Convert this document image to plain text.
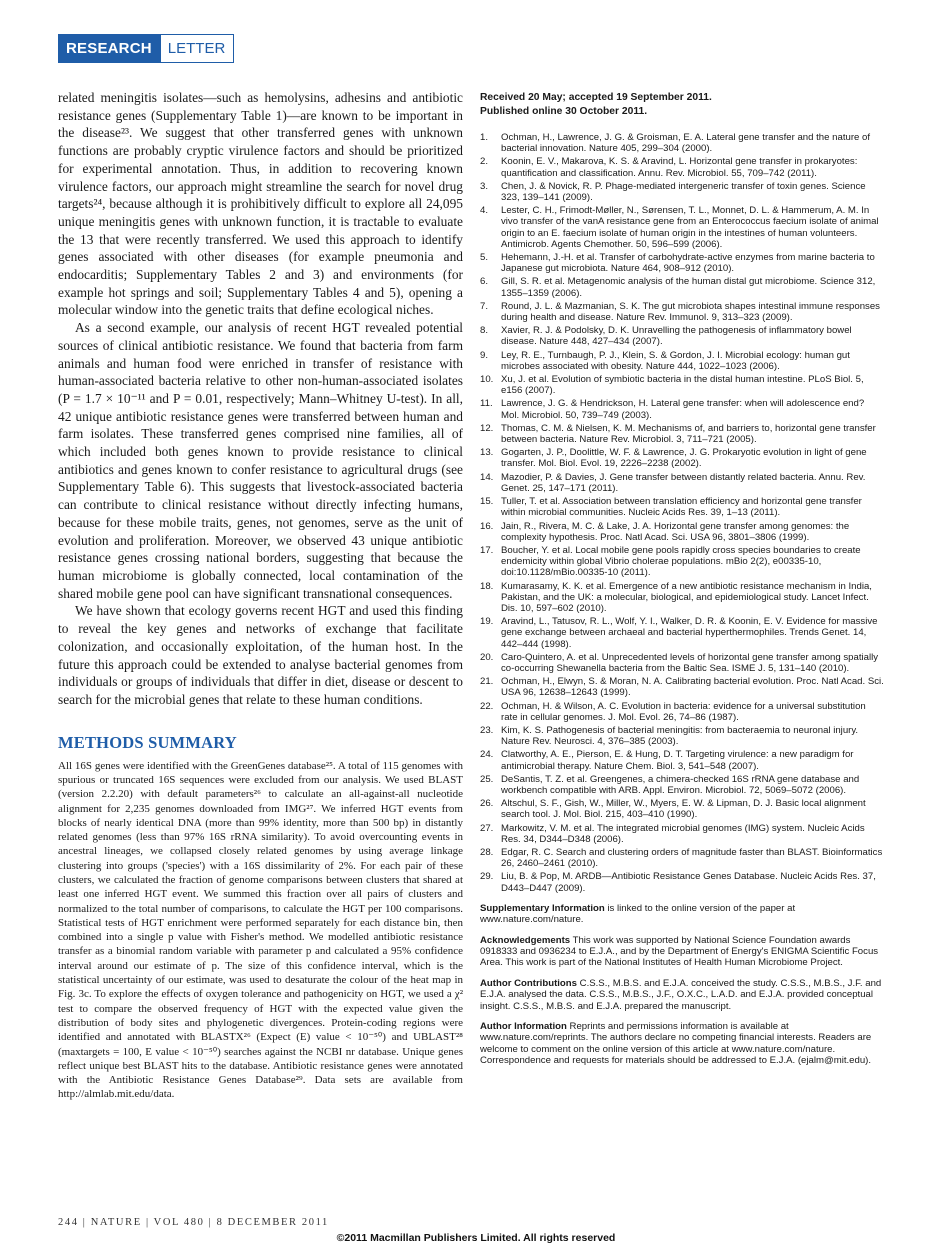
RESEARCH	LETTER

related meningitis isolates—such as hemolysins, adhesins and antibiotic resistance genes (Supplementary Table 1)—are known to be important in the disease²³. We suggest that other transferred genes with unknown functions are probably cryptic virulence factors and should be prioritized for experimental annotation. Thus, in addition to recovering known virulence factors, our approach might streamline the search for novel drug targets²⁴, because although it is prohibitively difficult to explore all 24,095 unique meningitis genes with unknown function, it is tractable to evaluate the 13 that were recently transferred. We used this approach to identify genes associated with other diseases (for example pneumonia and endocarditis; Supplementary Tables 2 and 3) and environments (for example hot springs and soil; Supplementary Tables 4 and 5), opening a molecular window into the genetic traits that define ecological niches.

As a second example, our analysis of recent HGT revealed potential sources of clinical antibiotic resistance. We found that bacteria from farm animals and human food were enriched in transfer of resistance with human-associated bacteria relative to other non-human-associated isolates (P = 1.7 × 10⁻¹¹ and P = 0.01, respectively; Mann–Whitney U-test). In all, 42 unique antibiotic resistance genes were transferred between human and farm isolates. These transferred genes comprised nine families, all of which included both genes known to provide resistance to clinical antibiotics and genes known to confer resistance to agricultural drugs (see Supplementary Table 6). This suggests that livestock-associated bacteria can contribute to clinical resistance without directly infecting humans, because for these mobile traits, genes, not genomes, serve as the unit of evolution and proliferation. Moreover, we observed 43 unique antibiotic resistance genes crossing national borders, suggesting that because the human microbiome is globally connected, local contamination of the shared mobile gene pool can have significant transnational consequences.

We have shown that ecology governs recent HGT and used this finding to reveal the key genes and networks of exchange that facilitate colonization, and occasionally exploitation, of the human host. In the future this approach could be extended to analyse bacterial genomes from individuals or groups of individuals that differ in diet, disease or descent to search for the microbial genes that relate to these human conditions.

METHODS SUMMARY

All 16S genes were identified with the GreenGenes database²⁵. A total of 115 genomes with spurious or truncated 16S sequences were excluded from our analysis. We used BLAST (version 2.2.20) with default parameters²⁶ to calculate an all-against-all nucleotide alignment for 2,235 genomes downloaded from IMG²⁷. We inferred HGT events from blocks of nearly identical DNA (more than 99% identity, more than 500 bp) in distantly related genomes (less than 97% 16S rRNA similarity). To avoid overcounting events in ancestral lineages, we collapsed closely related genomes by using average linkage clustering into groups ('species') with a 16S dissimilarity of 2%. For each pair of these clusters, we calculated the fraction of genome comparisons between clusters that shared at least one inferred HGT event. We summed this fraction over all pairs of clusters and normalized to the total number of comparisons, to calculate the HGT per 100 comparisons. Statistical tests of HGT enrichment were performed separately for each distance bin, then combined into a single p value with Fisher's method. We modelled antibiotic resistance transfer as a binomial random variable with parameter p and calculated a 95% confidence interval around our estimate of p. The size of this confidence interval, which is the statistical uncertainty of our estimate, was used to desaturate the colour of the heat map in Fig. 3c. To explore the effects of oxygen tolerance and pathogenicity on HGT, we used a χ² test to compare the observed frequency of HGT with the expected value given the distribution of body sites and phylogenetic divergences. Protein-coding regions were identified and annotated with BLASTX²⁶ (Expect (E) value < 10⁻⁵⁰) and UBLAST²⁸ (maxtargets = 100, E value < 10⁻⁵⁰) searches against the NCBI nr database. Unique genes reflect unique best BLAST hits to the database. Antibiotic resistance genes were annotated with the Antibiotic Resistance Genes Database²⁹. Data sets are available from http://almlab.mit.edu/data.

Received 20 May; accepted 19 September 2011.

Published online 30 October 2011.

1.	Ochman, H., Lawrence, J. G. & Groisman, E. A. Lateral gene transfer and the nature of bacterial innovation. Nature 405, 299–304 (2000).
2.	Koonin, E. V., Makarova, K. S. & Aravind, L. Horizontal gene transfer in prokaryotes: quantification and classification. Annu. Rev. Microbiol. 55, 709–742 (2011).
3.	Chen, J. & Novick, R. P. Phage-mediated intergeneric transfer of toxin genes. Science 323, 139–141 (2009).
4.	Lester, C. H., Frimodt-Møller, N., Sørensen, T. L., Monnet, D. L. & Hammerum, A. M. In vivo transfer of the vanA resistance gene from an Enterococcus faecium isolate of animal origin to an E. faecium isolate of human origin in the intestines of human volunteers. Antimicrob. Agents Chemother. 50, 596–599 (2006).
5.	Hehemann, J.-H. et al. Transfer of carbohydrate-active enzymes from marine bacteria to Japanese gut microbiota. Nature 464, 908–912 (2010).
6.	Gill, S. R. et al. Metagenomic analysis of the human distal gut microbiome. Science 312, 1355–1359 (2006).
7.	Round, J. L. & Mazmanian, S. K. The gut microbiota shapes intestinal immune responses during health and disease. Nature Rev. Immunol. 9, 313–323 (2009).
8.	Xavier, R. J. & Podolsky, D. K. Unravelling the pathogenesis of inflammatory bowel disease. Nature 448, 427–434 (2007).
9.	Ley, R. E., Turnbaugh, P. J., Klein, S. & Gordon, J. I. Microbial ecology: human gut microbes associated with obesity. Nature 444, 1022–1023 (2006).
10. Xu, J. et al. Evolution of symbiotic bacteria in the distal human intestine. PLoS Biol. 5, e156 (2007).
11. Lawrence, J. G. & Hendrickson, H. Lateral gene transfer: when will adolescence end? Mol. Microbiol. 50, 739–749 (2003).
12. Thomas, C. M. & Nielsen, K. M. Mechanisms of, and barriers to, horizontal gene transfer between bacteria. Nature Rev. Microbiol. 3, 711–721 (2005).
13. Gogarten, J. P., Doolittle, W. F. & Lawrence, J. G. Prokaryotic evolution in light of gene transfer. Mol. Biol. Evol. 19, 2226–2238 (2002).
14. Mazodier, P. & Davies, J. Gene transfer between distantly related bacteria. Annu. Rev. Genet. 25, 147–171 (2011).
15. Tuller, T. et al. Association between translation efficiency and horizontal gene transfer within microbial communities. Nucleic Acids Res. 39, 1–13 (2011).
16. Jain, R., Rivera, M. C. & Lake, J. A. Horizontal gene transfer among genomes: the complexity hypothesis. Proc. Natl Acad. Sci. USA 96, 3801–3806 (1999).
17. Boucher, Y. et al. Local mobile gene pools rapidly cross species boundaries to create endemicity within global Vibrio cholerae populations. mBio 2(2), e00335-10, doi:10.1128/mBio.00335-10 (2011).
18. Kumarasamy, K. K. et al. Emergence of a new antibiotic resistance mechanism in India, Pakistan, and the UK: a molecular, biological, and epidemiological study. Lancet Infect. Dis. 10, 597–602 (2010).
19. Aravind, L., Tatusov, R. L., Wolf, Y. I., Walker, D. R. & Koonin, E. V. Evidence for massive gene exchange between archaeal and bacterial hyperthermophiles. Trends Genet. 14, 442–444 (1998).
20. Caro-Quintero, A. et al. Unprecedented levels of horizontal gene transfer among spatially co-occurring Shewanella bacteria from the Baltic Sea. ISME J. 5, 131–140 (2010).
21. Ochman, H., Elwyn, S. & Moran, N. A. Calibrating bacterial evolution. Proc. Natl Acad. Sci. USA 96, 12638–12643 (1999).
22. Ochman, H. & Wilson, A. C. Evolution in bacteria: evidence for a universal substitution rate in cellular genomes. J. Mol. Evol. 26, 74–86 (1987).
23. Kim, K. S. Pathogenesis of bacterial meningitis: from bacteraemia to neuronal injury. Nature Rev. Neurosci. 4, 376–385 (2003).
24. Clatworthy, A. E., Pierson, E. & Hung, D. T. Targeting virulence: a new paradigm for antimicrobial therapy. Nature Chem. Biol. 3, 541–548 (2007).
25. DeSantis, T. Z. et al. Greengenes, a chimera-checked 16S rRNA gene database and workbench compatible with ARB. Appl. Environ. Microbiol. 72, 5069–5072 (2006).
26. Altschul, S. F., Gish, W., Miller, W., Myers, E. W. & Lipman, D. J. Basic local alignment search tool. J. Mol. Biol. 215, 403–410 (1990).
27. Markowitz, V. M. et al. The integrated microbial genomes (IMG) system. Nucleic Acids Res. 34, D344–D348 (2006).
28. Edgar, R. C. Search and clustering orders of magnitude faster than BLAST. Bioinformatics 26, 2460–2461 (2010).
29. Liu, B. & Pop, M. ARDB—Antibiotic Resistance Genes Database. Nucleic Acids Res. 37, D443–D447 (2009).

Supplementary Information is linked to the online version of the paper at www.nature.com/nature.

Acknowledgements This work was supported by National Science Foundation awards 0918333 and 0936234 to E.J.A., and by the Department of Energy's ENIGMA Scientific Focus Area. This work is part of the National Institutes of Health Human Microbiome Project.

Author Contributions C.S.S., M.B.S. and E.J.A. conceived the study. C.S.S., M.B.S., J.F. and E.J.A. analysed the data. C.S.S., M.B.S., J.F., O.X.C., L.A.D. and E.J.A. provided conceptual insight. C.S.S., M.B.S. and E.J.A. prepared the manuscript.

Author Information Reprints and permissions information is available at www.nature.com/reprints. The authors declare no competing financial interests. Readers are welcome to comment on the online version of this article at www.nature.com/nature. Correspondence and requests for materials should be addressed to E.J.A. (ejalm@mit.edu).

244 | NATURE | VOL 480 | 8 DECEMBER 2011
©2011 Macmillan Publishers Limited. All rights reserved
